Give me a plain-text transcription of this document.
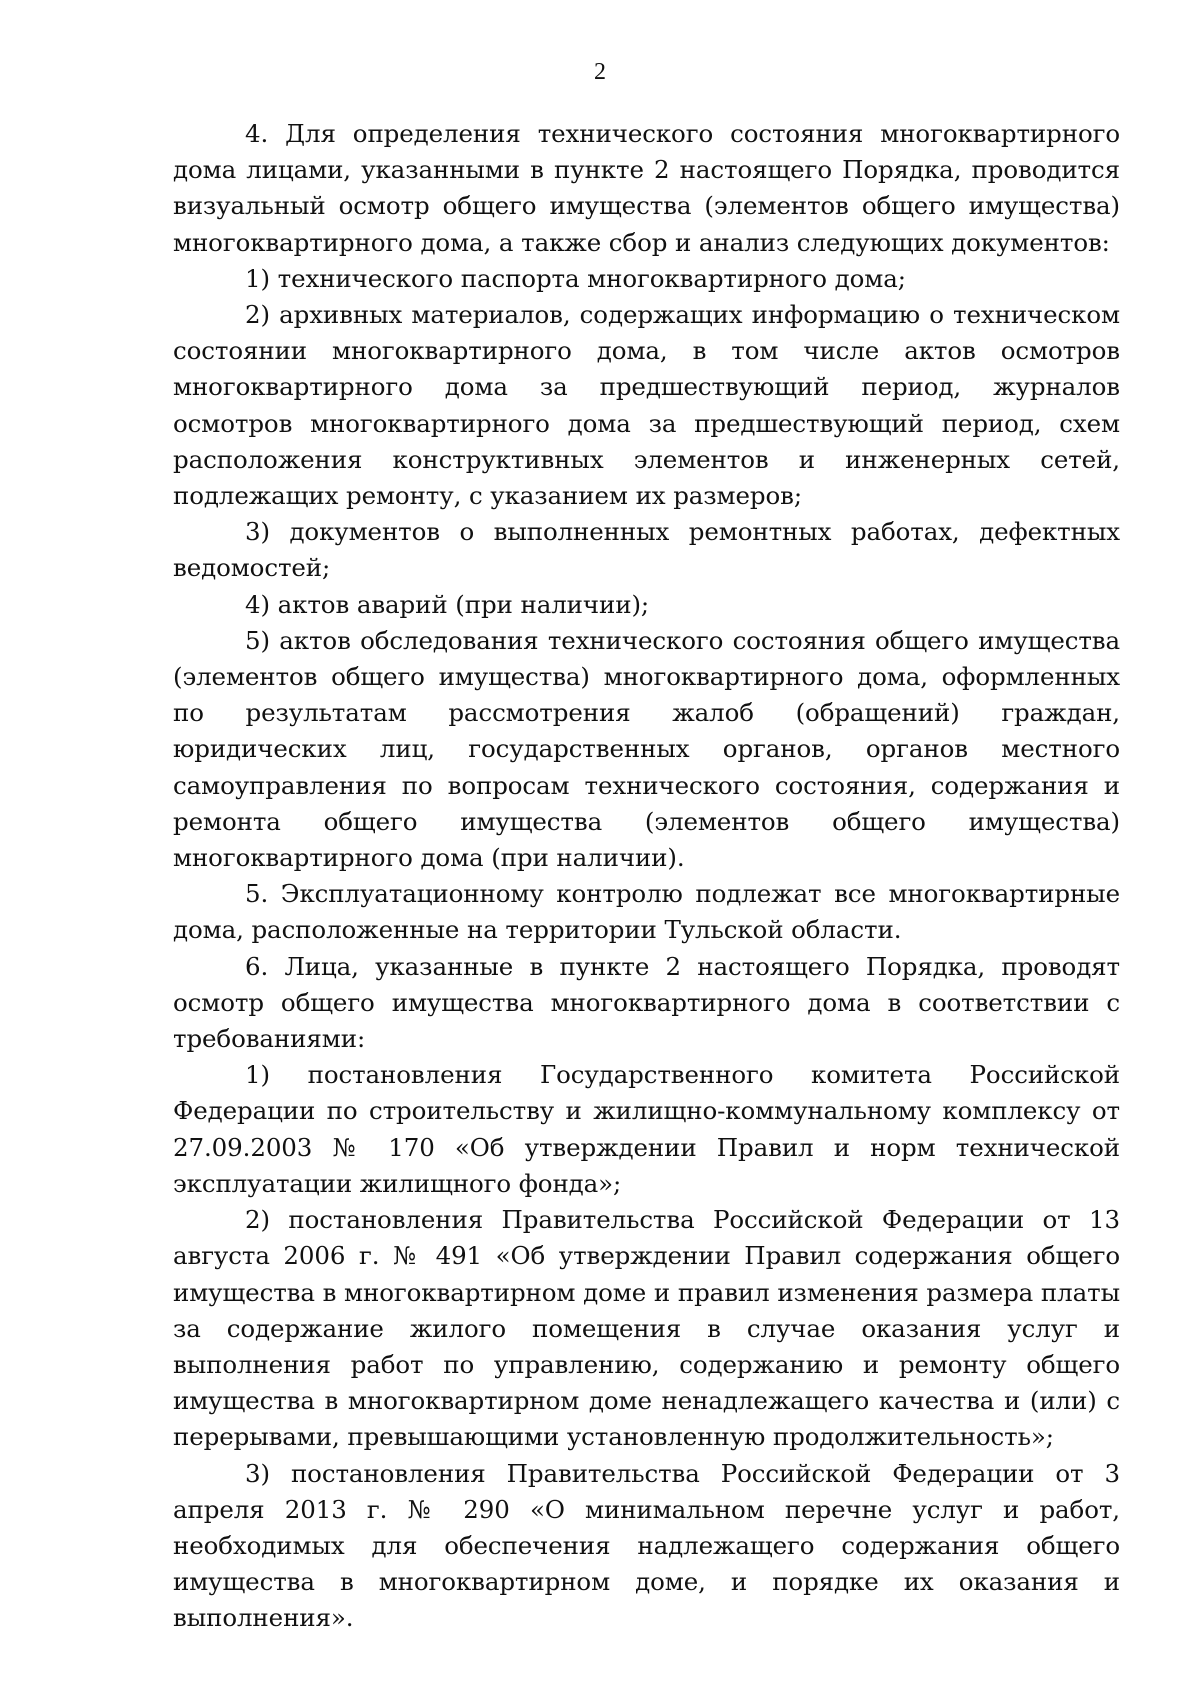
2

4. Для определения технического состояния многоквартирного дома лицами, указанными в пункте 2 настоящего Порядка, проводится визуальный осмотр общего имущества (элементов общего имущества) многоквартирного дома, а также сбор и анализ следующих документов:

1) технического паспорта многоквартирного дома;

2) архивных материалов, содержащих информацию о техническом состоянии многоквартирного дома, в том числе актов осмотров многоквартирного дома за предшествующий период, журналов осмотров многоквартирного дома за предшествующий период, схем расположения конструктивных элементов и инженерных сетей, подлежащих ремонту, с указанием их размеров;

3) документов о выполненных ремонтных работах, дефектных ведомостей;

4) актов аварий (при наличии);

5) актов обследования технического состояния общего имущества (элементов общего имущества) многоквартирного дома, оформленных по результатам рассмотрения жалоб (обращений) граждан, юридических лиц, государственных органов, органов местного самоуправления по вопросам технического состояния, содержания и ремонта общего имущества (элементов общего имущества) многоквартирного дома (при наличии).

5. Эксплуатационному контролю подлежат все многоквартирные дома, расположенные на территории Тульской области.

6. Лица, указанные в пункте 2 настоящего Порядка, проводят осмотр общего имущества многоквартирного дома в соответствии с требованиями:

1) постановления Государственного комитета Российской Федерации по строительству и жилищно-коммунальному комплексу от 27.09.2003 № 170 «Об утверждении Правил и норм технической эксплуатации жилищного фонда»;

2) постановления Правительства Российской Федерации от 13 августа 2006 г. № 491 «Об утверждении Правил содержания общего имущества в многоквартирном доме и правил изменения размера платы за содержание жилого помещения в случае оказания услуг и выполнения работ по управлению, содержанию и ремонту общего имущества в многоквартирном доме ненадлежащего качества и (или) с перерывами, превышающими установленную продолжительность»;

3) постановления Правительства Российской Федерации от 3 апреля 2013 г. № 290 «О минимальном перечне услуг и работ, необходимых для обеспечения надлежащего содержания общего имущества в многоквартирном доме, и порядке их оказания и выполнения».
